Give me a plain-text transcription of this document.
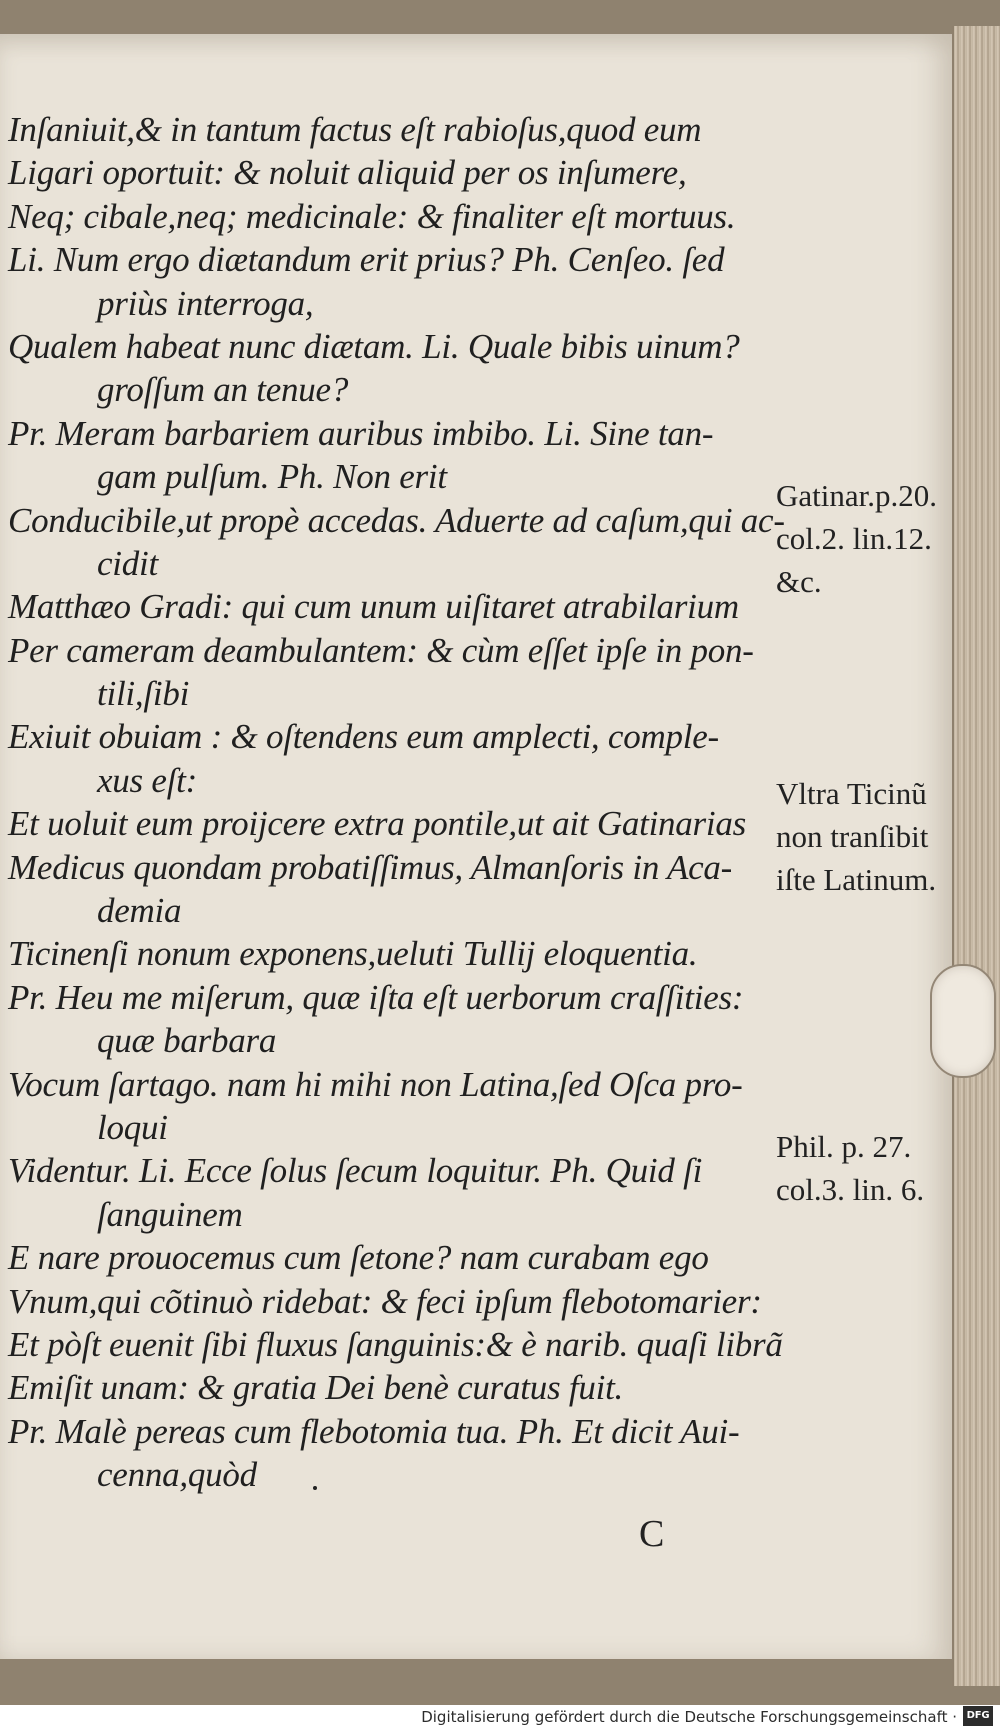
Inſaniuit,& in tantum factus eſt rabioſus,quod eum
Ligari oportuit: & noluit aliquid per os inſumere,
Neq; cibale,neq; medicinale: & finaliter eſt mortuus.
Li. Num ergo diætandum erit prius? Ph. Cenſeo. ſed
priùs interroga,
Qualem habeat nunc diætam. Li. Quale bibis uinum?
groſſum an tenue?
Pr. Meram barbariem auribus imbibo. Li. Sine tan-
gam pulſum. Ph. Non erit
Conducibile,ut propè accedas. Aduerte ad caſum,qui ac-
cidit
Matthæo Gradi: qui cum unum uiſitaret atrabilarium
Per cameram deambulantem: & cùm eſſet ipſe in pon-
tili,ſibi
Exiuit obuiam : & oſtendens eum amplecti, comple-
xus eſt:
Et uoluit eum proijcere extra pontile,ut ait Gatinarias
Medicus quondam probatiſſimus, Almanſoris in Aca-
demia
Ticinenſi nonum exponens,ueluti Tullij eloquentia.
Pr. Heu me miſerum, quæ iſta eſt uerborum craſſities:
quæ barbara
Vocum ſartago. nam hi mihi non Latina,ſed Oſca pro-
loqui
Videntur. Li. Ecce ſolus ſecum loquitur. Ph. Quid ſi
ſanguinem
E nare prouocemus cum ſetone? nam curabam ego
Vnum,qui cõtinuò ridebat: & feci ipſum flebotomarier:
Et pòſt euenit ſibi fluxus ſanguinis:& è narib. quaſi librã
Emiſit unam: & gratia Dei benè curatus fuit.
Pr. Malè pereas cum flebotomia tua. Ph. Et dicit Aui-
cenna,quòd
Gatinar.p.20.
col.2. lin.12.
&c.
Vltra Ticinũ
non tranſibit
iſte Latinum.
Phil. p. 27.
col.3. lin. 6.
C
Digitalisierung gefördert durch die Deutsche Forschungsgemeinschaft · DFG
